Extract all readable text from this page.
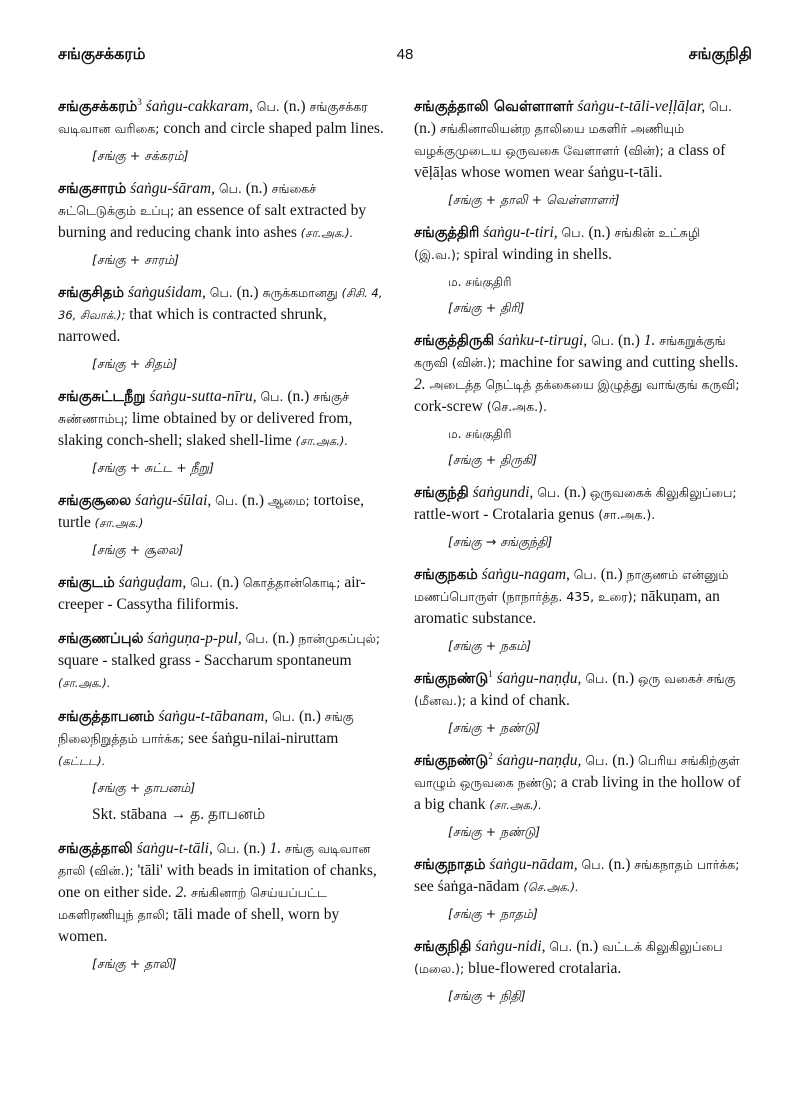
சங்குசக்கரம்	48	சங்குநிதி
சங்குசக்கரம்$^3$ śaṅgu-cakkaram, பெ. (n.) சங்குசக்கர வடிவான வரிகை; conch and circle shaped palm lines.
[சங்கு + சக்கரம்]
சங்குசாரம் śaṅgu-śāram, பெ. (n.) சங்கைச் சுட்டெடுக்கும் உப்பு; an essence of salt extracted by burning and reducing chank into ashes (சா.அக.).
[சங்கு + சாரம்]
சங்குசிதம் śaṅguśidam, பெ. (n.) சுருக்கமானது (சிசி. 4, 36, சிவாக்.); that which is contracted shrunk, narrowed.
[சங்கு + சிதம்]
சங்குசுட்டநீறு śaṅgu-sutta-nīru, பெ. (n.) சங்குச் சுண்ணாம்பு; lime obtained by or delivered from, slaking conch-shell; slaked shell-lime (சா.அக.).
[சங்கு + சுட்ட + நீறு]
சங்குசூலை śaṅgu-śūlai, பெ. (n.) ஆமை; tortoise, turtle (சா.அக.)
[சங்கு + சூலை]
சங்குடம் śaṅguḍam, பெ. (n.) கொத்தான்கொடி; air-creeper - Cassytha filiformis.
சங்குணப்புல் śaṅguṇa-p-pul, பெ. (n.) நான்முகப்புல்; square - stalked grass - Saccharum spontaneum (சா.அக.).
சங்குத்தாபனம் śaṅgu-t-tābanam, பெ. (n.) சங்கு நிலைநிறுத்தம் பார்க்க; see śaṅgu-nilai-niruttam (கட்டட).
[சங்கு + தாபனம்]
Skt. stābana → த. தாபனம்
சங்குத்தாலி śaṅgu-t-tāli, பெ. (n.) 1. சங்கு வடிவான தாலி (வின்.); 'tāli' with beads in imitation of chanks, one on either side. 2. சங்கினாற் செய்யப்பட்ட மகளிரணியுந் தாலி; tāli made of shell, worn by women.
[சங்கு + தாலி]
சங்குத்தாலி வெள்ளாளர் śaṅgu-t-tāli-veḷḷāḷar, பெ. (n.) சங்கினாலியன்ற தாலியை மகளிர் அணியும் வழக்குமுடைய ஒருவகை வேளாளர் (வின்); a class of vēḷāḷas whose women wear śaṅgu-t-tāli.
[சங்கு + தாலி + வெள்ளாளர்]
சங்குத்திரி śaṅgu-t-tiri, பெ. (n.) சங்கின் உட்சுழி (இ.வ.); spiral winding in shells.
ம. சங்குதிரி
[சங்கு + திரி]
சங்குத்திருகி śaṅku-t-tirugi, பெ. (n.) 1. சங்கறுக்குங் கருவி (வின்.); machine for sawing and cutting shells. 2. அடைத்த நெட்டித் தக்கையை இழுத்து வாங்குங் கருவி; cork-screw (செ.அக.).
ம. சங்குதிரி
[சங்கு + திருகி]
சங்குந்தி śaṅgundi, பெ. (n.) ஒருவகைக் கிலுகிலுப்பை; rattle-wort - Crotalaria genus (சா.அக.).
[சங்கு → சங்குந்தி]
சங்குநகம் śaṅgu-nagam, பெ. (n.) நாகுணம் என்னும் மணப்பொருள் (நாநார்த்த. 435, உரை); nākuṇam, an aromatic substance.
[சங்கு + நகம்]
சங்குநண்டு$^1$ śaṅgu-naṇḍu, பெ. (n.) ஒரு வகைச் சங்கு (மீனவ.); a kind of chank.
[சங்கு + நண்டு]
சங்குநண்டு$^2$ śaṅgu-naṇḍu, பெ. (n.) பெரிய சங்கிற்குள் வாழும் ஒருவகை நண்டு; a crab living in the hollow of a big chank (சா.அக.).
[சங்கு + நண்டு]
சங்குநாதம் śaṅgu-nādam, பெ. (n.) சங்கநாதம் பார்க்க; see śaṅga-nādam (செ.அக.).
[சங்கு + நாதம்]
சங்குநிதி śaṅgu-nidi, பெ. (n.) வட்டக் கிலுகிலுப்பை (மலை.); blue-flowered crotalaria.
[சங்கு + நிதி]
